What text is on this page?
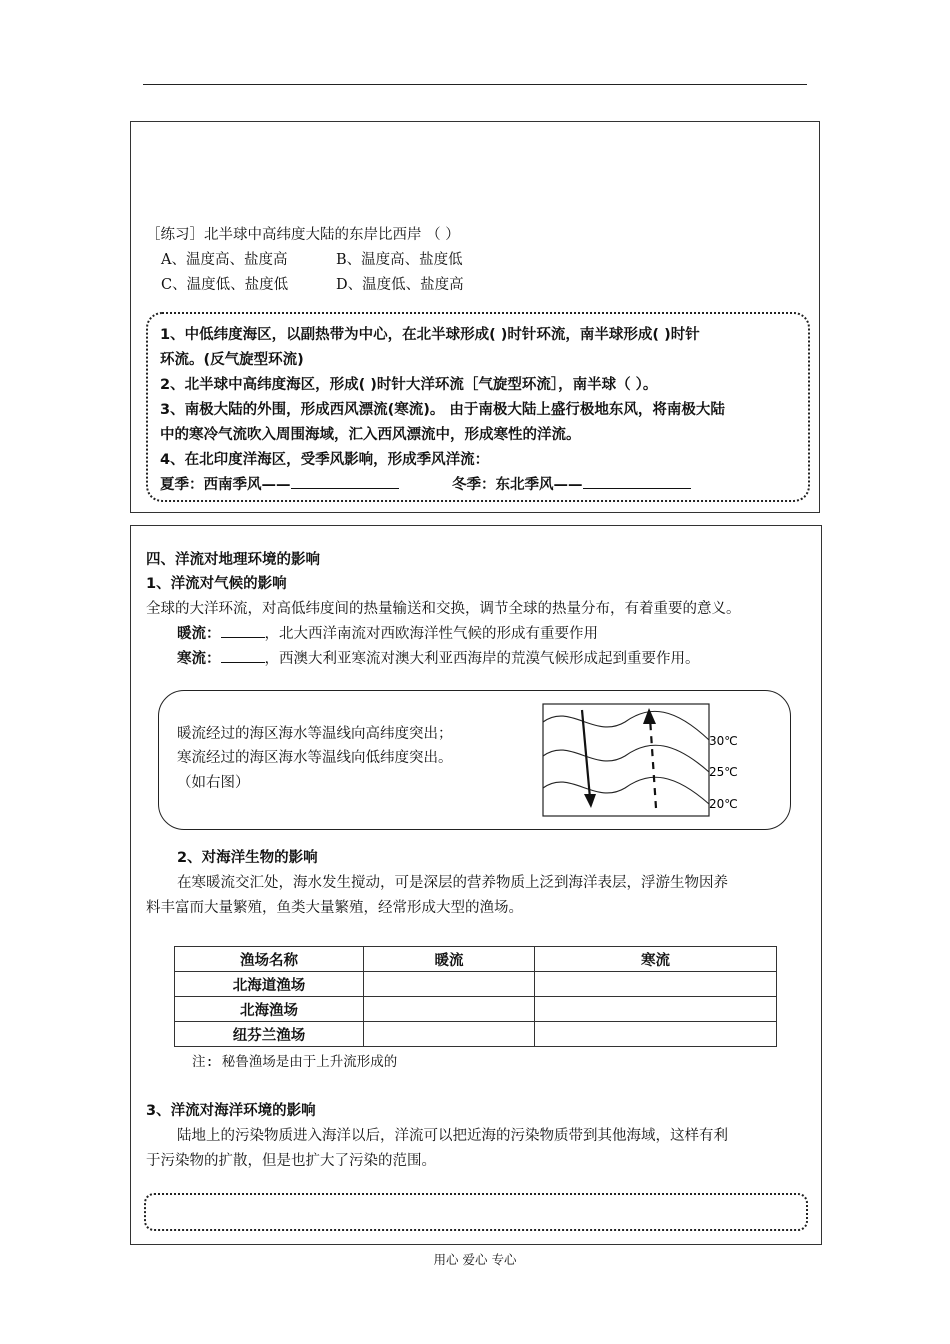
［练习］北半球中高纬度大陆的东岸比西岸 （ ）
A、温度高、盐度高	B、温度高、盐度低
C、温度低、盐度低	D、温度低、盐度高
1、中低纬度海区，以副热带为中心，在北半球形成( )时针环流，南半球形成( )时针
环流。(反气旋型环流)
2、北半球中高纬度海区，形成( )时针大洋环流［气旋型环流］，南半球（ ）。
3、南极大陆的外围，形成西风漂流(寒流)。 由于南极大陆上盛行极地东风，将南极大陆
中的寒冷气流吹入周围海域，汇入西风漂流中，形成寒性的洋流。
4、在北印度洋海区，受季风影响，形成季风洋流：
夏季：西南季风——	冬季：东北季风——
四、洋流对地理环境的影响
1、洋流对气候的影响
全球的大洋环流，对高低纬度间的热量输送和交换，调节全球的热量分布，有着重要的意义。
暖流：	，北大西洋南流对西欧海洋性气候的形成有重要作用
寒流：	，西澳大利亚寒流对澳大利亚西海岸的荒漠气候形成起到重要作用。
暖流经过的海区海水等温线向高纬度突出；
寒流经过的海区海水等温线向低纬度突出。
（如右图）
30℃
25℃
20℃
2、对海洋生物的影响
在寒暖流交汇处，海水发生搅动，可是深层的营养物质上泛到海洋表层，浮游生物因养
料丰富而大量繁殖，鱼类大量繁殖，经常形成大型的渔场。
渔场名称	暖流	寒流
北海道渔场		
北海渔场		
纽芬兰渔场		
注: 秘鲁渔场是由于上升流形成的
3、洋流对海洋环境的影响
陆地上的污染物质进入海洋以后，洋流可以把近海的污染物质带到其他海域，这样有利
于污染物的扩散，但是也扩大了污染的范围。
用心 爱心 专心
